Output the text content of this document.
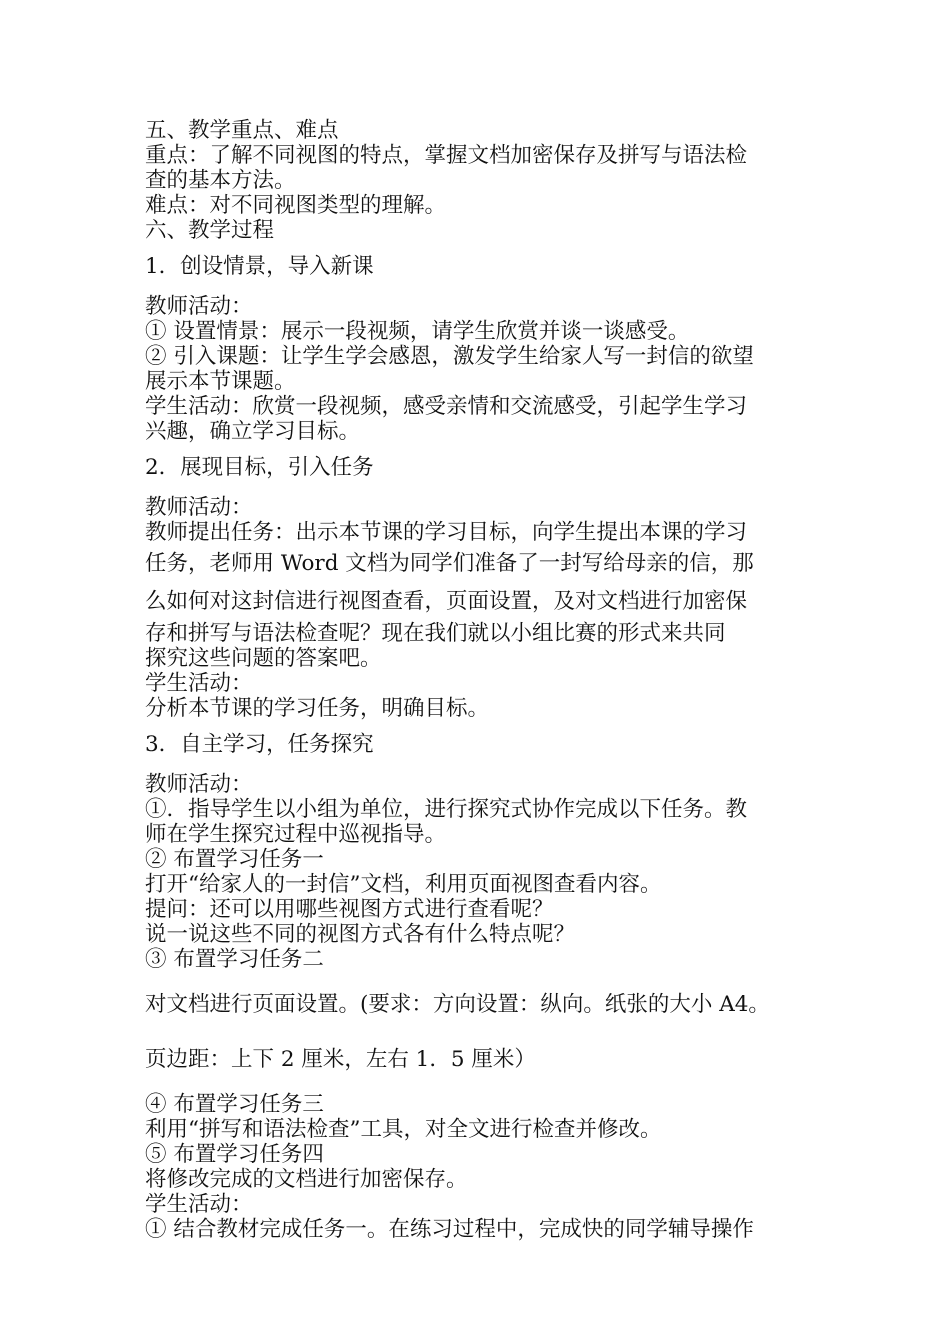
五、教学重点、难点

重点：了解不同视图的特点，掌握文档加密保存及拼写与语法检

查的基本方法。

难点：对不同视图类型的理解。

六、教学过程

1．创设情景，导入新课

教师活动：

① 设置情景：展示一段视频，请学生欣赏并谈一谈感受。

② 引入课题：让学生学会感恩，激发学生给家人写一封信的欲望

展示本节课题。

学生活动：欣赏一段视频，感受亲情和交流感受，引起学生学习

兴趣，确立学习目标。

2．展现目标，引入任务

教师活动：

教师提出任务：出示本节课的学习目标，向学生提出本课的学习

任务，老师用 Word 文档为同学们准备了一封写给母亲的信，那

么如何对这封信进行视图查看，页面设置，及对文档进行加密保

存和拼写与语法检查呢？现在我们就以小组比赛的形式来共同

探究这些问题的答案吧。

学生活动：

分析本节课的学习任务，明确目标。

3．自主学习，任务探究

教师活动：

①．指导学生以小组为单位，进行探究式协作完成以下任务。教

师在学生探究过程中巡视指导。

② 布置学习任务一

打开“给家人的一封信”文档，利用页面视图查看内容。

提问：还可以用哪些视图方式进行查看呢？

说一说这些不同的视图方式各有什么特点呢？

③ 布置学习任务二

对文档进行页面设置。(要求：方向设置：纵向。纸张的大小 A4。

页边距：上下 2 厘米，左右 1．5 厘米）

④ 布置学习任务三

利用“拼写和语法检查”工具，对全文进行检查并修改。

⑤ 布置学习任务四

将修改完成的文档进行加密保存。

学生活动：

① 结合教材完成任务一。在练习过程中，完成快的同学辅导操作
